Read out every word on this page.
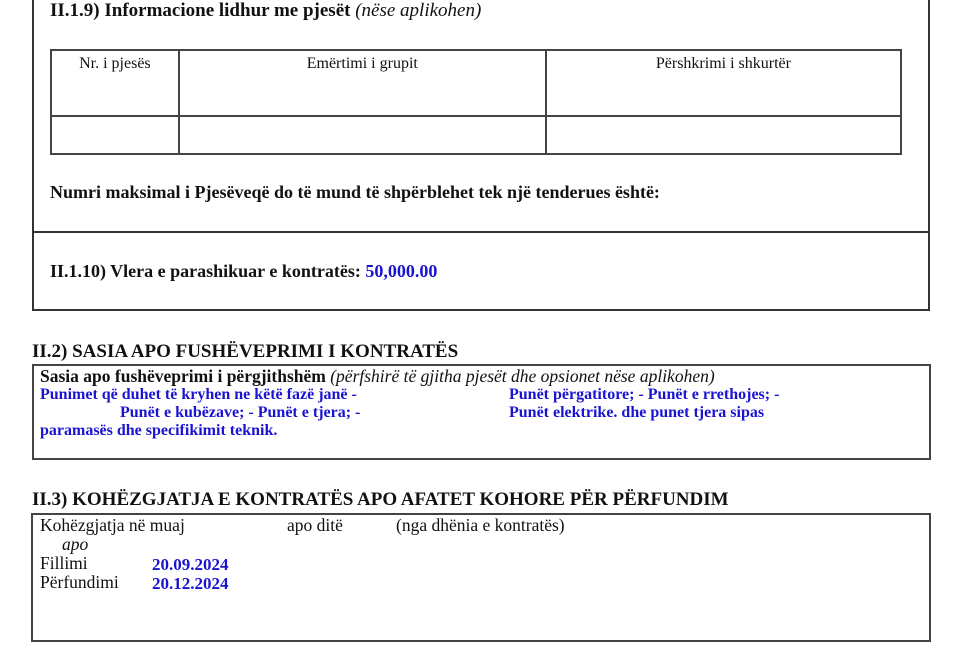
II.1.9) Informacione lidhur me pjesët (nëse aplikohen)
Nr. i pjesës	Emërtimi i grupit	Përshkrimi i shkurtër

Numri maksimal i Pjesëveqë do të mund të shpërblehet tek një tenderues është:
II.1.10) Vlera e parashikuar e kontratës: 50,000.00
II.2) SASIA APO FUSHËVEPRIMI I KONTRATËS
Sasia apo fushëveprimi i përgjithshëm (përfshirë të gjitha pjesët dhe opsionet nëse aplikohen)
Punimet që duhet të kryhen ne këtë fazë janë -	Punët përgatitore; - Punët e rrethojes; -
Punët e kubëzave; - Punët e tjera; -	Punët elektrike. dhe punet tjera sipas
paramasës dhe specifikimit teknik.
II.3) KOHËZGJATJA E KONTRATËS APO AFATET KOHORE PËR PËRFUNDIM
Kohëzgjatja në muaj	apo ditë	(nga dhënia e kontratës)
apo
Fillimi	20.09.2024
Përfundimi 20.12.2024
